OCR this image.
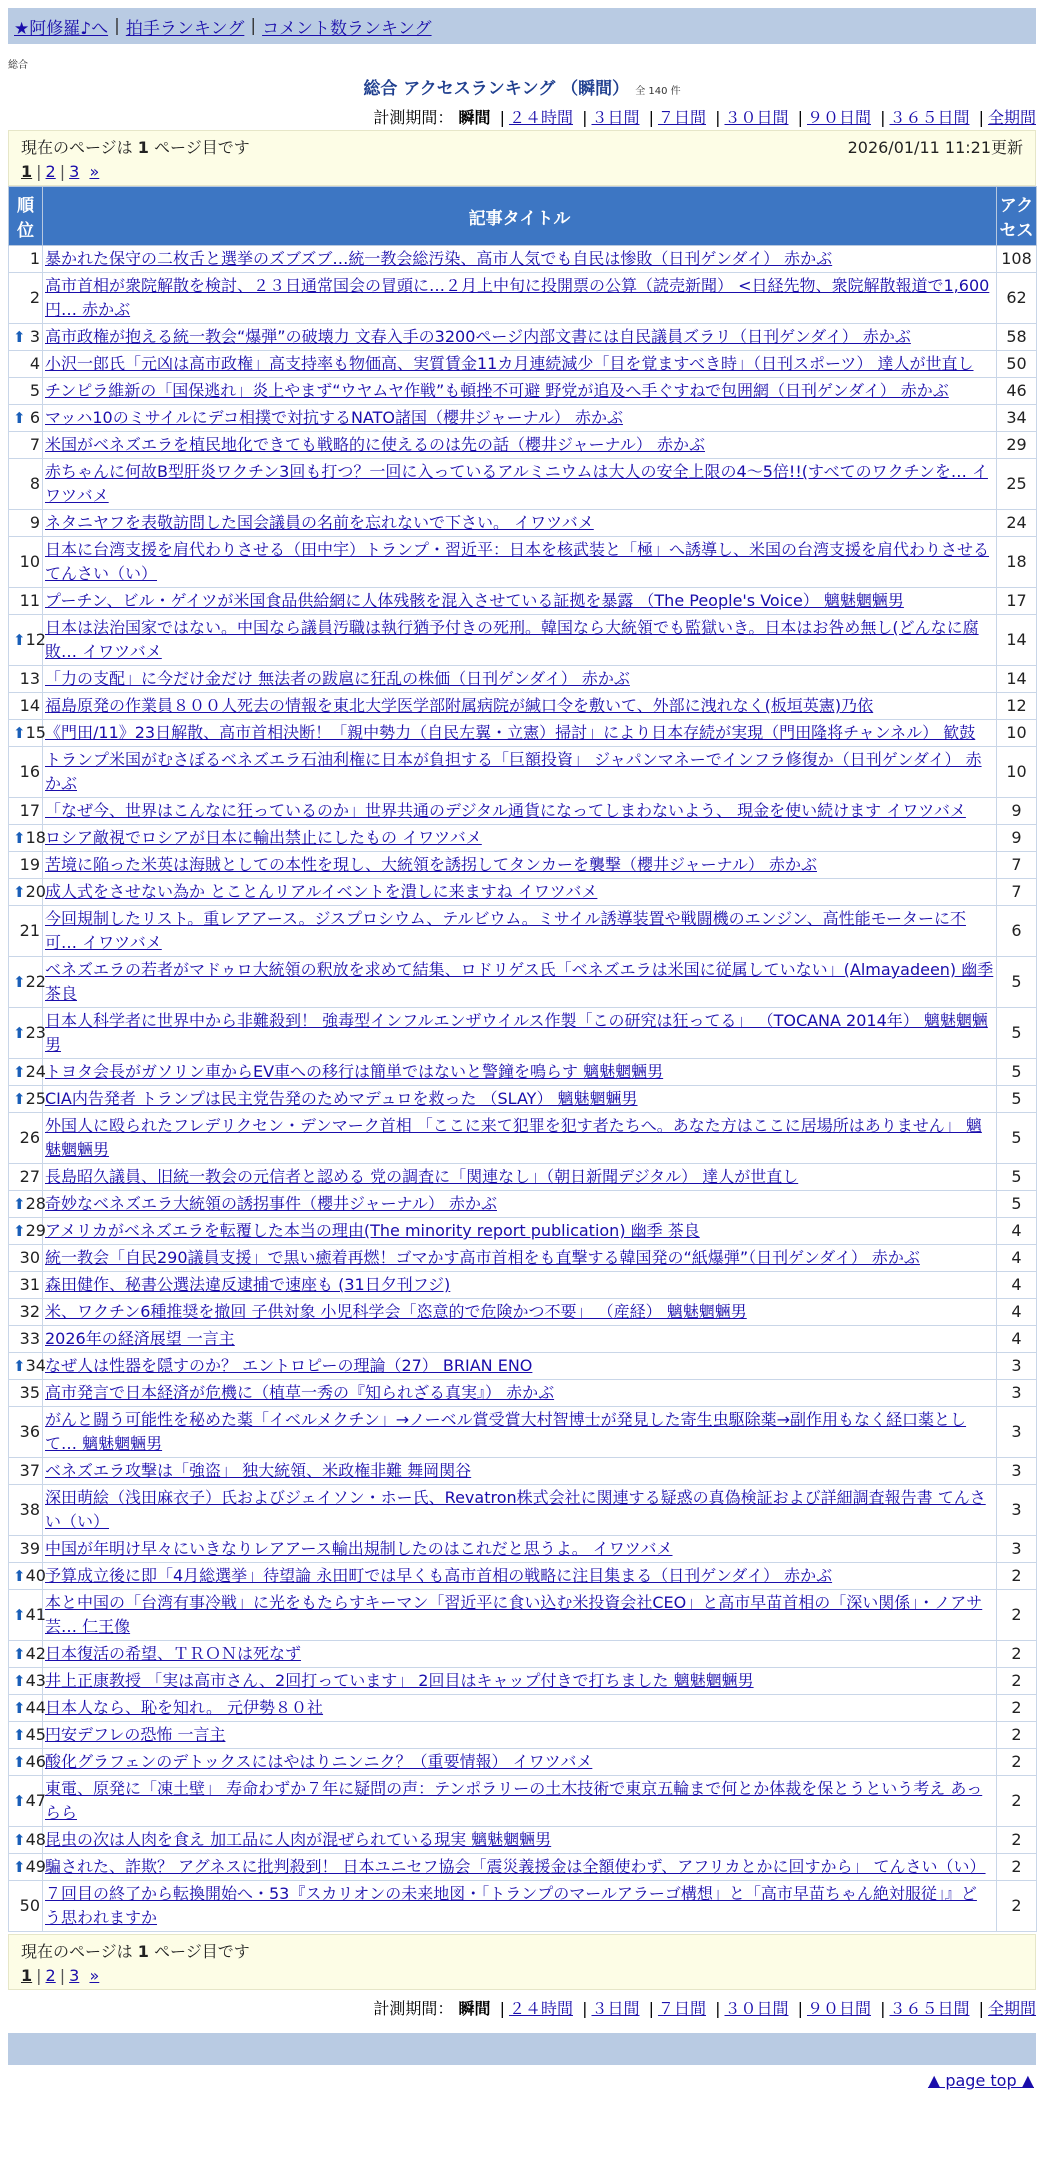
★阿修羅♪へ | 拍手ランキング | コメント数ランキング
総合
総合 アクセスランキング （瞬間） 全 140 件
計測期間： 瞬間 | ２４時間 | ３日間 | ７日間 | ３０日間 | ９０日間 | ３６５日間 | 全期間
現在のページは 1 ページ目です	2026/01/11 11:21更新
1 | 2 | 3 »
順位	記事タイトル	アクセス
1	暴かれた保守の二枚舌と選挙のズブズブ…統一教会総汚染、高市人気でも自民は惨敗（日刊ゲンダイ） 赤かぶ	108
2	高市首相が衆院解散を検討、２３日通常国会の冒頭に…２月上中旬に投開票の公算（読売新聞） <日経先物、衆院解散報道で1,600円… 赤かぶ	62

⬆ 3	高市政権が抱える統一教会“爆弾”の破壊力 文春入手の3200ページ内部文書には自民議員ズラリ（日刊ゲンダイ） 赤かぶ	58
4	小沢一郎氏「元凶は高市政権」高支持率も物価高、実質賃金11カ月連続減少「目を覚ますべき時」（日刊スポーツ） 達人が世直し	50
5	チンピラ維新の「国保逃れ」炎上やまず“ウヤムヤ作戦”も頓挫不可避 野党が追及へ手ぐすねで包囲網（日刊ゲンダイ） 赤かぶ	46

⬆ 6	マッハ10のミサイルにデコ相撲で対抗するNATO諸国（櫻井ジャーナル） 赤かぶ	34
7	米国がベネズエラを植民地化できても戦略的に使えるのは先の話（櫻井ジャーナル） 赤かぶ	29
8	赤ちゃんに何故B型肝炎ワクチン3回も打つ？一回に入っているアルミニウムは大人の安全上限の4～5倍!!(すべてのワクチンを… イワツバメ	25
9	ネタニヤフを表敬訪問した国会議員の名前を忘れないで下さい。 イワツバメ	24
10	日本に台湾支援を肩代わりさせる（田中宇）トランプ・習近平：日本を核武装と「極」へ誘導し、米国の台湾支援を肩代わりさせる てんさい（い）	18
11	プーチン、ビル・ゲイツが米国食品供給網に人体残骸を混入させている証拠を暴露 （The People's Voice） 魑魅魍魎男	17

⬆ 12	日本は法治国家ではない。中国なら議員汚職は執行猶予付きの死刑。韓国なら大統領でも監獄いき。日本はお咎め無し(どんなに腐敗… イワツバメ	14
13	「力の支配」に今だけ金だけ 無法者の跋扈に狂乱の株価（日刊ゲンダイ） 赤かぶ	14
14	福島原発の作業員８００人死去の情報を東北大学医学部附属病院が緘口令を敷いて、外部に洩れなく(板垣英憲)乃依	12

⬆ 15	《門田/11》23日解散、高市首相決断！「親中勢力（自民左翼・立憲）掃討」により日本存続が実現（門田隆将チャンネル） 歓鼓	10
16	トランプ米国がむさぼるベネズエラ石油利権に日本が負担する「巨額投資」 ジャパンマネーでインフラ修復か（日刊ゲンダイ） 赤かぶ	10
17	「なぜ今、世界はこんなに狂っているのか」世界共通のデジタル通貨になってしまわないよう、 現金を使い続けます イワツバメ	9

⬆ 18	ロシア敵視でロシアが日本に輸出禁止にしたもの イワツバメ	9
19	苦境に陥った米英は海賊としての本性を現し、大統領を誘拐してタンカーを襲撃（櫻井ジャーナル） 赤かぶ	7

⬆ 20	成人式をさせない為か とことんリアルイベントを潰しに来ますね イワツバメ	7
21	今回規制したリスト。重レアアース。ジスプロシウム、テルビウム。ミサイル誘導装置や戦闘機のエンジン、高性能モーターに不可… イワツバメ	6

⬆ 22	ベネズエラの若者がマドゥロ大統領の釈放を求めて結集、ロドリゲス氏「ベネズエラは米国に従属していない」(Almayadeen) 幽季 茶良	5

⬆ 23	日本人科学者に世界中から非難殺到！ 強毒型インフルエンザウイルス作製「この研究は狂ってる」 （TOCANA 2014年） 魑魅魍魎男	5

⬆ 24	トヨタ会長がガソリン車からEV車への移行は簡単ではないと警鐘を鳴らす 魑魅魍魎男	5

⬆ 25	CIA内告発者 トランプは民主党告発のためマデュロを救った （SLAY） 魑魅魍魎男	5
26	外国人に殴られたフレデリクセン・デンマーク首相 「ここに来て犯罪を犯す者たちへ。あなた方はここに居場所はありません」 魑魅魍魎男	5
27	長島昭久議員、旧統一教会の元信者と認める 党の調査に「関連なし」（朝日新聞デジタル） 達人が世直し	5

⬆ 28	奇妙なベネズエラ大統領の誘拐事件（櫻井ジャーナル） 赤かぶ	5

⬆ 29	アメリカがベネズエラを転覆した本当の理由(The minority report publication) 幽季 茶良	4
30	統一教会「自民290議員支援」で黒い癒着再燃！ゴマかす高市首相をも直撃する韓国発の“紙爆弾”（日刊ゲンダイ） 赤かぶ	4
31	森田健作、秘書公選法違反逮捕で速座も (31日夕刊フジ)	4
32	米、ワクチン6種推奨を撤回 子供対象 小児科学会「恣意的で危険かつ不要」 （産経） 魑魅魍魎男	4
33	2026年の経済展望 一言主	4

⬆ 34	なぜ人は性器を隠すのか？ エントロピーの理論（27） BRIAN ENO	3
35	高市発言で日本経済が危機に（植草一秀の『知られざる真実』） 赤かぶ	3
36	がんと闘う可能性を秘めた薬「イベルメクチン」→ノーベル賞受賞大村智博士が発見した寄生虫駆除薬→副作用もなく経口薬として… 魑魅魍魎男	3
37	ベネズエラ攻撃は「強盗」 独大統領、米政権非難 舞岡関谷	3
38	深田萌絵（浅田麻衣子）氏およびジェイソン・ホー氏、Revatron株式会社に関連する疑惑の真偽検証および詳細調査報告書 てんさい（い）	3
39	中国が年明け早々にいきなりレアアース輸出規制したのはこれだと思うよ。 イワツバメ	3

⬆ 40	予算成立後に即「4月総選挙」待望論 永田町では早くも高市首相の戦略に注目集まる（日刊ゲンダイ） 赤かぶ	2

⬆ 41	本と中国の「台湾有事冷戦」に光をもたらすキーマン「習近平に食い込む米投資会社CEO」と高市早苗首相の「深い関係」・ノアサ芸… 仁王像	2

⬆ 42	日本復活の希望、ＴＲＯＮは死なず	2

⬆ 43	井上正康教授 「実は高市さん、2回打っています」 2回目はキャップ付きで打ちました 魑魅魍魎男	2

⬆ 44	日本人なら、恥を知れ。 元伊勢８０社	2

⬆ 45	円安デフレの恐怖 一言主	2

⬆ 46	酸化グラフェンのデトックスにはやはりニンニク？（重要情報） イワツバメ	2

⬆ 47	東電、原発に「凍土壁」 寿命わずか７年に疑問の声：テンポラリーの土木技術で東京五輪まで何とか体裁を保とうという考え あっらら	2

⬆ 48	昆虫の次は人肉を食え 加工品に人肉が混ぜられている現実 魑魅魍魎男	2

⬆ 49	騙された、詐欺？ アグネスに批判殺到！ 日本ユニセフ協会「震災義援金は全額使わず、アフリカとかに回すから」 てんさい（い）	2
50	７回目の終了から転換開始へ・53『スカリオンの未来地図・「トランプのマールアラーゴ構想」と「高市早苗ちゃん絶対服従」』ど う思われますか	2
現在のページは 1 ページ目です
1 | 2 | 3 »
計測期間： 瞬間 | ２４時間 | ３日間 | ７日間 | ３０日間 | ９０日間 | ３６５日間 | 全期間
▲ page top ▲
